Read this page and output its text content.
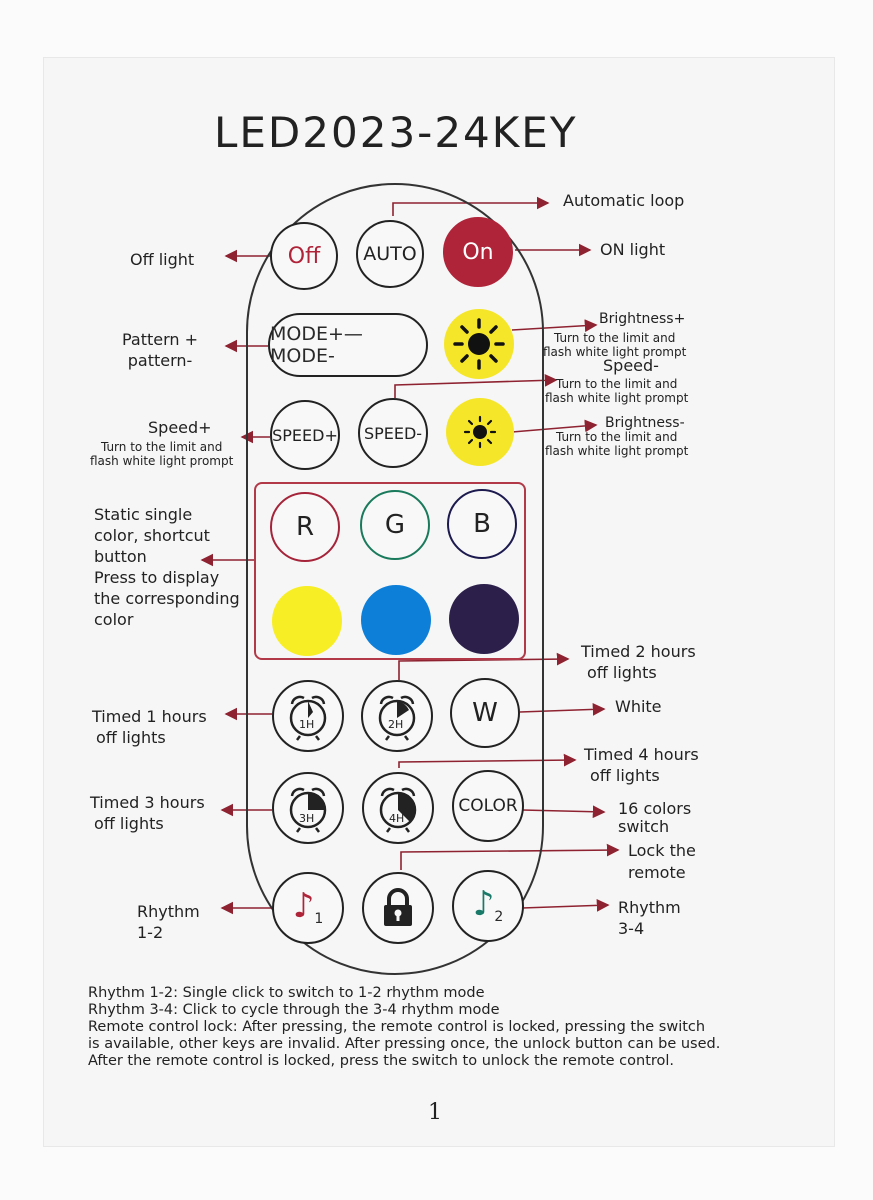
LED2023-24KEY
Off	AUTO	On
MODE+—MODE-
SPEED+	SPEED-
R	G	B
1H	2H	W
3H	4H
COLOR
♪ 1	♪ 2
Automatic loop
Off light
ON light
Pattern +
pattern-
Brightness+
Turn to the limit and
flash white light prompt
Speed-
Turn to the limit and
flash white light prompt
Speed+
Turn to the limit and
flash white light prompt
Brightness-
Turn to the limit and
flash white light prompt
Static single
color, shortcut
button
Press to display
the corresponding
color
Timed 2 hours
off lights
Timed 1 hours
off lights
White
Timed 4 hours
off lights
Timed 3 hours
off lights
16 colors
switch
Lock the
remote
Rhythm
1-2
Rhythm
3-4
Rhythm 1-2: Single click to switch to 1-2 rhythm mode
Rhythm 3-4: Click to cycle through the 3-4 rhythm mode
Remote control lock: After pressing, the remote control is locked, pressing the switch
is available, other keys are invalid. After pressing once, the unlock button can be used.
After the remote control is locked, press the switch to unlock the remote control.
1
